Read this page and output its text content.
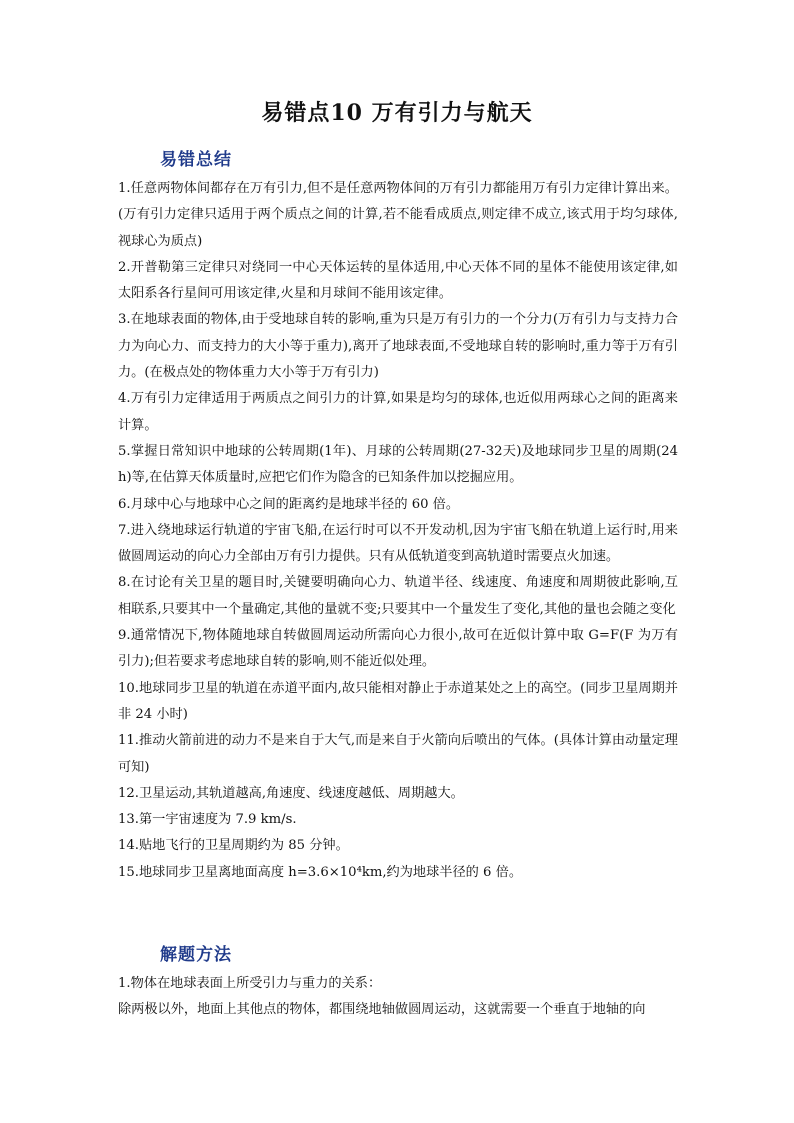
易错点10 万有引力与航天
易错总结

1.任意两物体间都存在万有引力,但不是任意两物体间的万有引力都能用万有引力定律计算出来。(万有引力定律只适用于两个质点之间的计算,若不能看成质点,则定律不成立,该式用于均匀球体,视球心为质点)

2.开普勒第三定律只对绕同一中心天体运转的星体适用,中心天体不同的星体不能使用该定律,如太阳系各行星间可用该定律,火星和月球间不能用该定律。

3.在地球表面的物体,由于受地球自转的影响,重为只是万有引力的一个分力(万有引力与支持力合力为向心力、而支持力的大小等于重力),离开了地球表面,不受地球自转的影响时,重力等于万有引力。(在极点处的物体重力大小等于万有引力)

4.万有引力定律适用于两质点之间引力的计算,如果是均匀的球体,也近似用两球心之间的距离来计算。

5.掌握日常知识中地球的公转周期(1年)、月球的公转周期(27-32天)及地球同步卫星的周期(24 h)等,在估算天体质量时,应把它们作为隐含的已知条件加以挖掘应用。

6.月球中心与地球中心之间的距离约是地球半径的 60 倍。

7.进入绕地球运行轨道的宇宙飞船,在运行时可以不开发动机,因为宇宙飞船在轨道上运行时,用来做圆周运动的向心力全部由万有引力提供。只有从低轨道变到高轨道时需要点火加速。

8.在讨论有关卫星的题目时,关键要明确向心力、轨道半径、线速度、角速度和周期彼此影响,互相联系,只要其中一个量确定,其他的量就不变;只要其中一个量发生了变化,其他的量也会随之变化

9.通常情况下,物体随地球自转做圆周运动所需向心力很小,故可在近似计算中取 G=F(F 为万有引力);但若要求考虑地球自转的影响,则不能近似处理。

10.地球同步卫星的轨道在赤道平面内,故只能相对静止于赤道某处之上的高空。(同步卫星周期并非 24 小时)

11.推动火箭前进的动力不是来自于大气,而是来自于火箭向后喷出的气体。(具体计算由动量定理可知)

12.卫星运动,其轨道越高,角速度、线速度越低、周期越大。

13.第一宇宙速度为 7.9 km/s.

14.贴地飞行的卫星周期约为 85 分钟。

15.地球同步卫星离地面高度 h=3.6×10⁴km,约为地球半径的 6 倍。

解题方法

1.物体在地球表面上所受引力与重力的关系：

除两极以外，地面上其他点的物体，都围绕地轴做圆周运动，这就需要一个垂直于地轴的向
